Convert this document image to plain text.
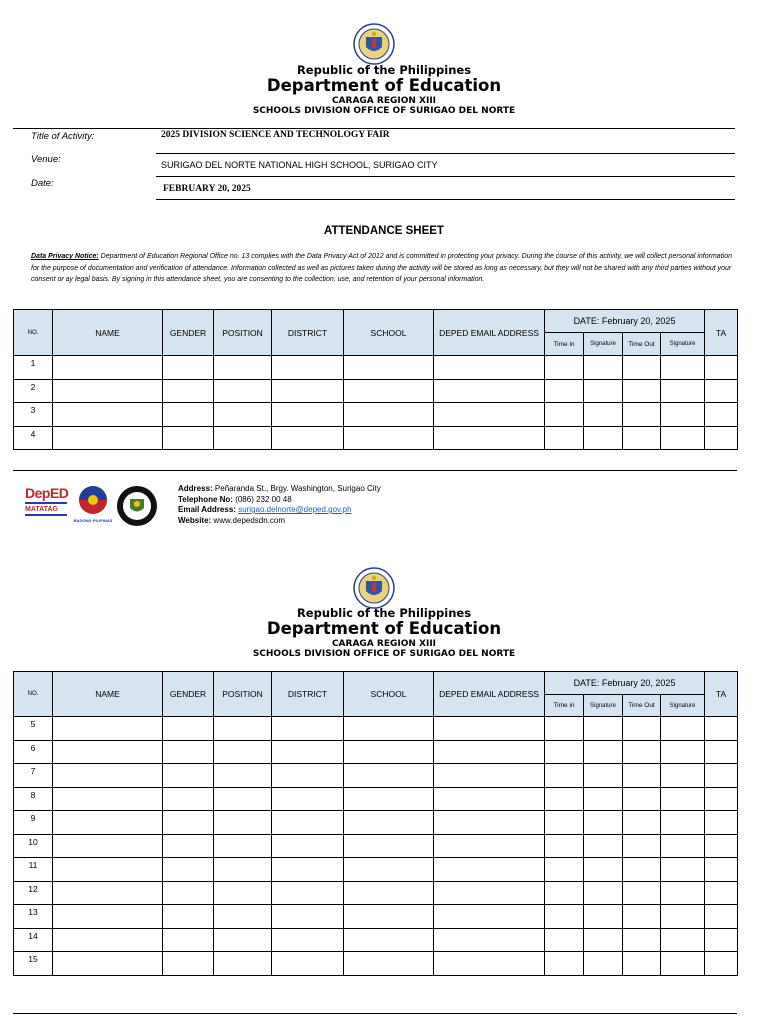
Republic of the Philippines
Department of Education
CARAGA REGION XIII
SCHOOLS DIVISION OFFICE OF SURIGAO DEL NORTE
Title of Activity:	2025 DIVISION SCIENCE AND TECHNOLOGY FAIR
Venue:	SURIGAO DEL NORTE NATIONAL HIGH SCHOOL, SURIGAO CITY
Date:	FEBRUARY 20, 2025
ATTENDANCE SHEET
Data Privacy Notice: Department of Education Regional Office no. 13 complies with the Data Privacy Act of 2012 and is committed in protecting your privacy. During the course of this activity, we will collect personal information for the purpose of documentation and verification of attendance. Information collected as well as pictures taken during the activity will be stored as long as necessary, but they will not be shared with any third parties without your consent or ay legal basis. By signing in this attendance sheet, you are consenting to the collection, use, and retention of your personal information.
NO.	NAME	GENDER	POSITION	DISTRICT	SCHOOL	DEPED EMAIL ADDRESS	DATE: February 20, 2025				TA
							Time in	Signature	Time Out	Signature	
1											
2											
3											
4											
DepED
MATATAG
BAGONG PILIPINAS
Address: Peñaranda St., Brgy. Washington, Surigao City
Telephone No: (086) 232 00 48
Email Address: surigao.delnorte@deped.gov.ph
Website: www.depedsdn.com
Republic of the Philippines
Department of Education
CARAGA REGION XIII
SCHOOLS DIVISION OFFICE OF SURIGAO DEL NORTE
NO.	NAME	GENDER	POSITION	DISTRICT	SCHOOL	DEPED EMAIL ADDRESS	DATE: February 20, 2025				TA
							Time in	Signature	Time Out	Signature	
5											
6											
7											
8											
9											
10											
11											
12											
13											
14											
15											
